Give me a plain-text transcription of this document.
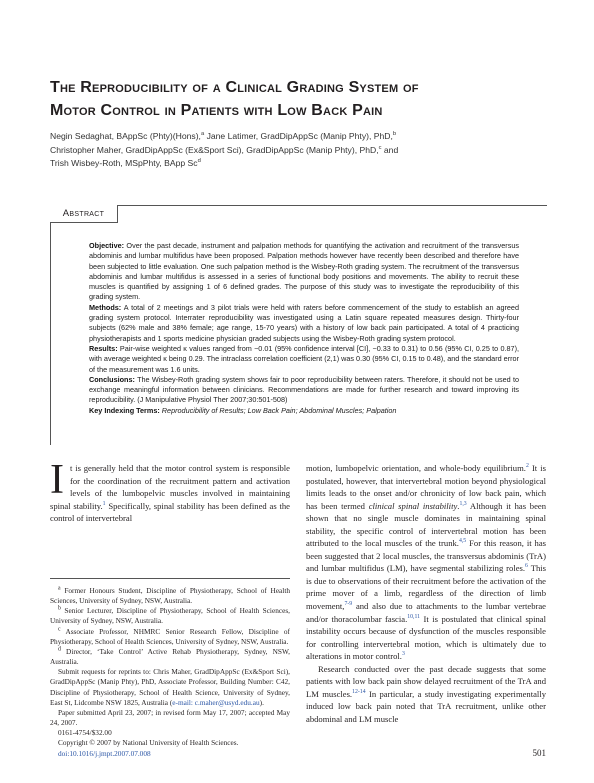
The Reproducibility of a Clinical Grading System of
Motor Control in Patients with Low Back Pain
Negin Sedaghat, BAppSc (Phty)(Hons),$^a$ Jane Latimer, GradDipAppSc (Manip Phty), PhD,$^b$
Christopher Maher, GradDipAppSc (Ex&Sport Sci), GradDipAppSc (Manip Phty), PhD,$^c$ and
Trish Wisbey-Roth, MSpPhty, BApp Sc$^d$
Abstract

Objective: Over the past decade, instrument and palpation methods for quantifying the activation and recruitment of the transversus abdominis and lumbar multifidus have been proposed. Palpation methods however have recently been described and therefore have been subjected to little evaluation. One such palpation method is the Wisbey-Roth grading system. The recruitment of the transversus abdominis and lumbar multifidus is assessed in a series of functional body positions and movements. The ability to recruit these muscles is quantified by assigning 1 of 6 defined grades. The purpose of this study was to investigate the reproducibility of this grading system.

Methods: A total of 2 meetings and 3 pilot trials were held with raters before commencement of the study to establish an agreed grading system protocol. Interrater reproducibility was investigated using a Latin square repeated measures design. Thirty-four subjects (62% male and 38% female; age range, 15-70 years) with a history of low back pain participated. A total of 4 practicing physiotherapists and 1 sports medicine physician graded subjects using the Wisbey-Roth grading system protocol.

Results: Pair-wise weighted κ values ranged from −0.01 (95% confidence interval [CI], −0.33 to 0.31) to 0.56 (95% CI, 0.25 to 0.87), with average weighted κ being 0.29. The intraclass correlation coefficient (2,1) was 0.30 (95% CI, 0.15 to 0.48), and the standard error of the measurement was 1.6 units.

Conclusions: The Wisbey-Roth grading system shows fair to poor reproducibility between raters. Therefore, it should not be used to exchange meaningful information between clinicians. Recommendations are made for further research and toward improving its reproducibility. (J Manipulative Physiol Ther 2007;30:501-508)

Key Indexing Terms: Reproducibility of Results; Low Back Pain; Abdominal Muscles; Palpation

It is generally held that the motor control system is responsible for the coordination of the recruitment pattern and activation levels of the lumbopelvic muscles involved in maintaining spinal stability.$^1$ Specifically, spinal stability has been defined as the control of intervertebral

$^a$ Former Honours Student, Discipline of Physiotherapy, School of Health Sciences, University of Sydney, NSW, Australia.

$^b$ Senior Lecturer, Discipline of Physiotherapy, School of Health Sciences, University of Sydney, NSW, Australia.

$^c$ Associate Professor, NHMRC Senior Research Fellow, Discipline of Physiotherapy, School of Health Sciences, University of Sydney, NSW, Australia.

$^d$ Director, ‘Take Control’ Active Rehab Physiotherapy, Sydney, NSW, Australia.

Submit requests for reprints to: Chris Maher, GradDipAppSc (Ex&Sport Sci), GradDipAppSc (Manip Phty), PhD, Associate Professor, Building Number: C42, Discipline of Physiotherapy, School of Health Science, University of Sydney, East St, Lidcombe NSW 1825, Australia (e-mail: c.maher@usyd.edu.au).

Paper submitted April 23, 2007; in revised form May 17, 2007; accepted May 24, 2007.

0161-4754/$32.00

Copyright © 2007 by National University of Health Sciences.

doi:10.1016/j.jmpt.2007.07.008

motion, lumbopelvic orientation, and whole-body equilibrium.$^2$ It is postulated, however, that intervertebral motion beyond physiological limits leads to the onset and/or chronicity of low back pain, which has been termed clinical spinal instability.$^{1,3}$ Although it has been shown that no single muscle dominates in maintaining spinal stability, the specific control of intervertebral motion has been attributed to the local muscles of the trunk.$^{4,5}$ For this reason, it has been suggested that 2 local muscles, the transversus abdominis (TrA) and lumbar multifidus (LM), have segmental stabilizing roles.$^6$ This is due to observations of their recruitment before the activation of the prime mover of a limb, regardless of the direction of limb movement,$^{7-9}$ and also due to attachments to the lumbar vertebrae and/or thoracolumbar fascia.$^{10,11}$ It is postulated that clinical spinal instability occurs because of dysfunction of the muscles responsible for controlling intervertebral motion, which is ultimately due to alterations in motor control.$^3$

Research conducted over the past decade suggests that some patients with low back pain show delayed recruitment of the TrA and LM muscles.$^{12-14}$ In particular, a study investigating experimentally induced low back pain noted that TrA recruitment, unlike other abdominal and LM muscle

501
